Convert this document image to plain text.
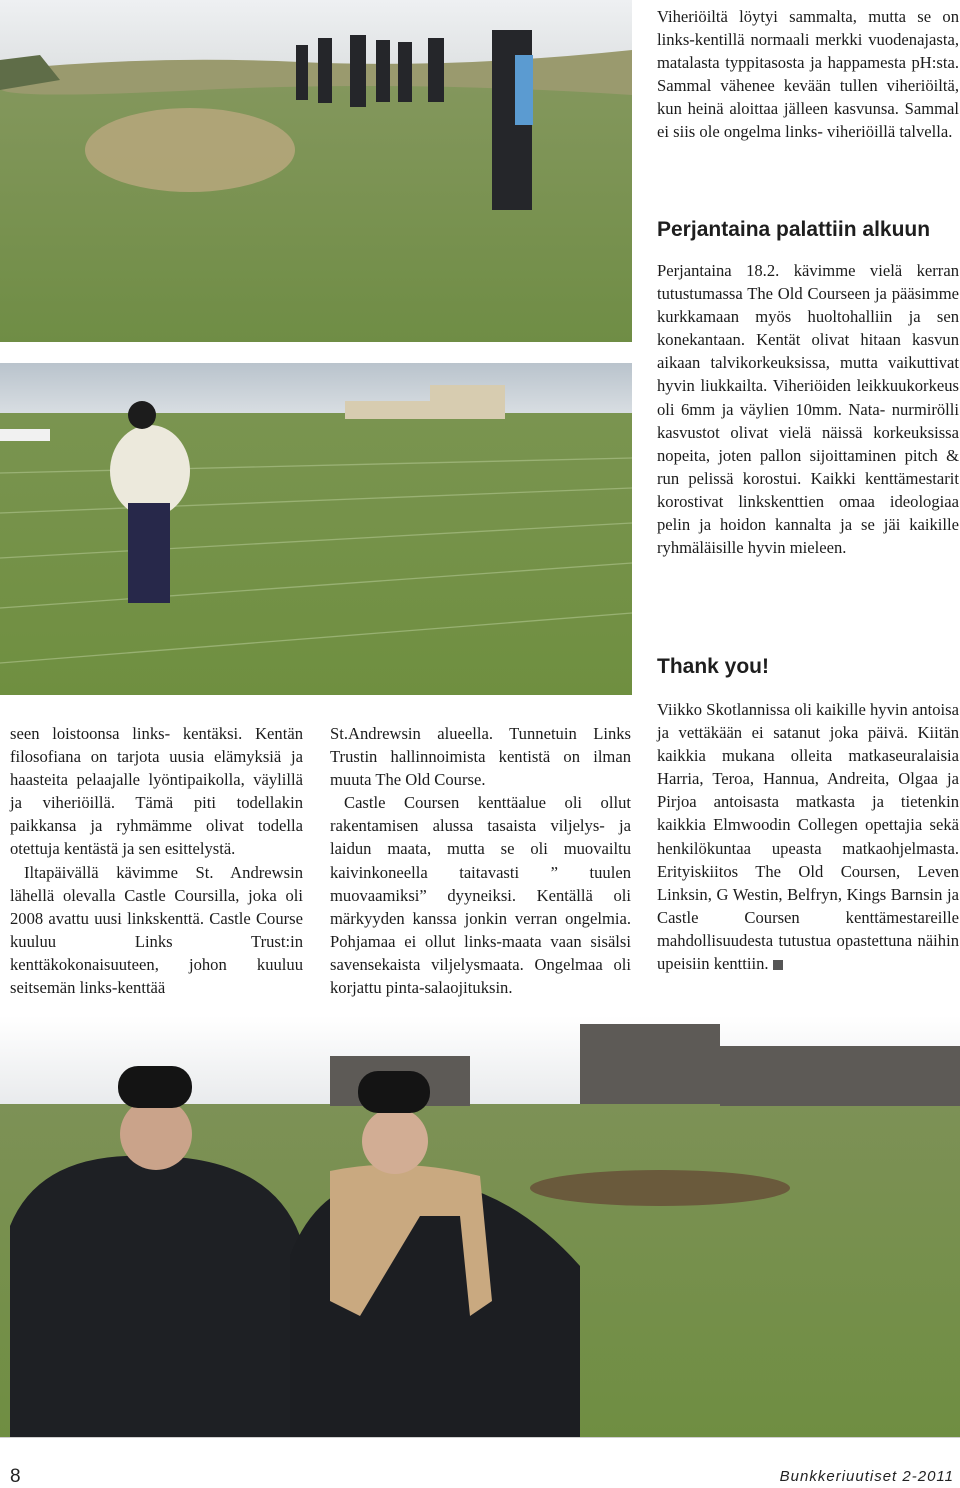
Viheriöiltä löytyi sammalta, mutta se on links-kentillä normaali merkki vuodenajasta, matalasta typpitasosta ja happamesta pH:sta. Sammal vähenee kevään tullen viheriöiltä, kun heinä aloittaa jälleen kasvunsa. Sammal ei siis ole ongelma links- viheriöillä talvella.

Perjantaina palattiin alkuun

Perjantaina 18.2. kävimme vielä kerran tutustumassa The Old Courseen ja pääsimme kurkkamaan myös huoltohalliin ja sen konekantaan. Kentät olivat hitaan kasvun aikaan talvikorkeuksissa, mutta vaikuttivat hyvin liukkailta. Viheriöiden leikkuukorkeus oli 6mm ja väylien 10mm. Nata- nurmirölli kasvustot olivat vielä näissä korkeuksissa nopeita, joten pallon sijoittaminen pitch & run pelissä korostui. Kaikki kenttämestarit korostivat linkskenttien omaa ideologiaa pelin ja hoidon kannalta ja se jäi kaikille ryhmäläisille hyvin mieleen.

Thank you!

Viikko Skotlannissa oli kaikille hyvin antoisa ja vettäkään ei satanut joka päivä. Kiitän kaikkia mukana olleita matkaseuralaisia Harria, Teroa, Hannua, Andreita, Olgaa ja Pirjoa antoisasta matkasta ja tietenkin kaikkia Elmwoodin Collegen opettajia sekä henkilökuntaa upeasta matkaohjelmasta. Erityiskiitos The Old Coursen, Leven Linksin, G Westin, Belfryn, Kings Barnsin ja Castle Coursen kenttämestareille mahdollisuudesta tutustua opastettuna näihin upeisiin kenttiin.

seen loistoonsa links- kentäksi. Kentän filosofiana on tarjota uusia elämyksiä ja haasteita pelaajalle lyöntipaikolla, väylillä ja viheriöillä. Tämä piti todellakin paikkansa ja ryhmämme olivat todella otettuja kentästä ja sen esittelystä.

Iltapäivällä kävimme St. Andrewsin lähellä olevalla Castle Coursilla, joka oli 2008 avattu uusi linkskenttä. Castle Course kuuluu Links Trust:in kenttäkokonaisuuteen, johon kuuluu seitsemän links-kenttää

St.Andrewsin alueella. Tunnetuin Links Trustin hallinnoimista kentistä on ilman muuta The Old Course.

Castle Coursen kenttäalue oli ollut rakentamisen alussa tasaista viljelys- ja laidun maata, mutta se oli muovailtu kaivinkoneella taitavasti ” tuulen muovaamiksi” dyyneiksi. Kentällä oli märkyyden kanssa jonkin verran ongelmia. Pohjamaa ei ollut links-maata vaan sisälsi savensekaista viljelysmaata. Ongelmaa oli korjattu pinta-salaojituksin.

8	Bunkkeriuutiset 2-2011
